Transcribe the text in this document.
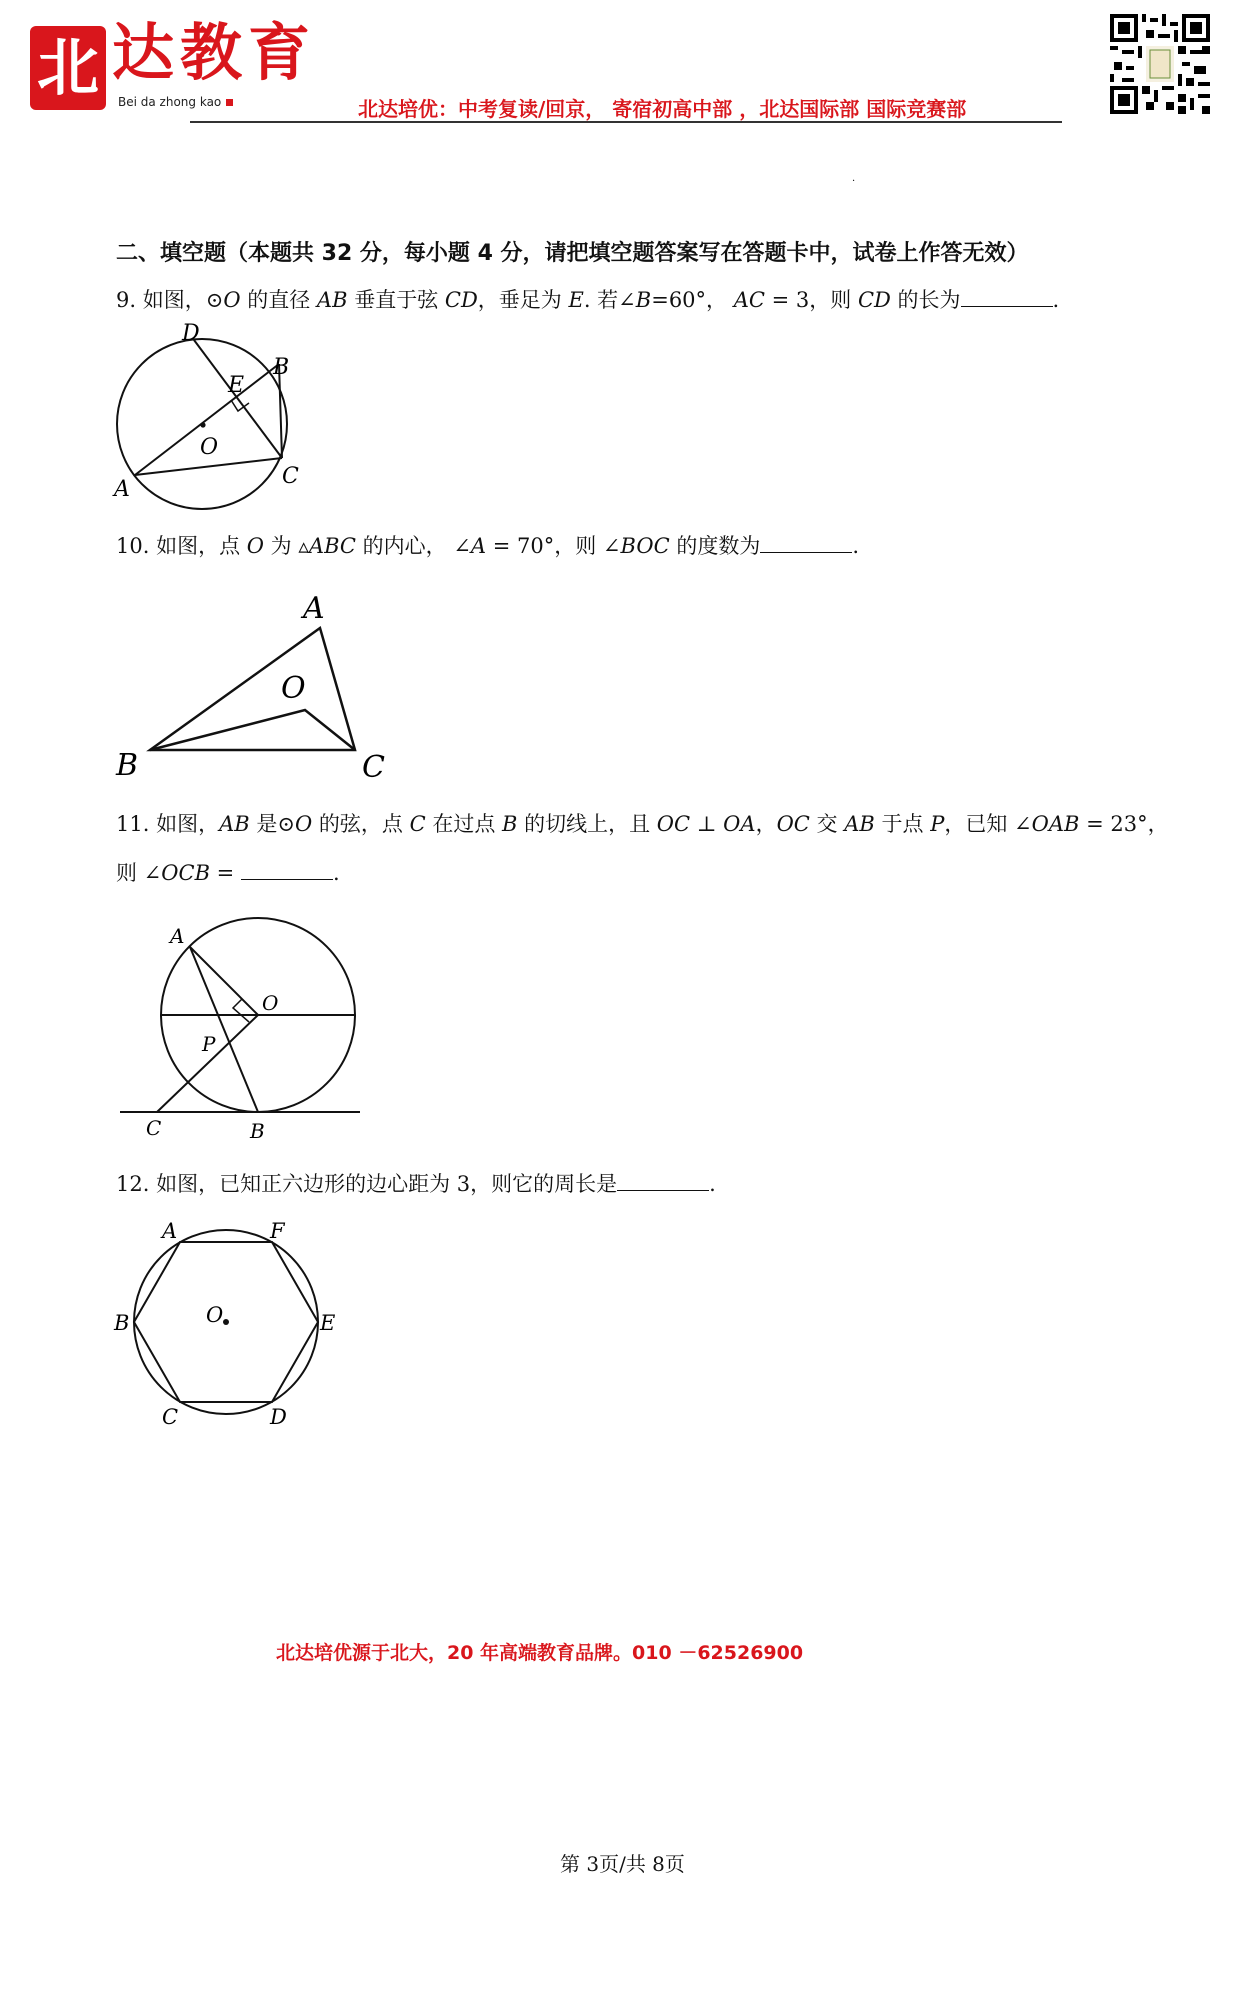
北 达教育
Bei da zhong kao	北达培优：中考复读/回京， 寄宿初高中部 ，北达国际部 国际竞赛部
·
二、填空题（本题共 32 分，每小题 4 分，请把填空题答案写在答题卡中，试卷上作答无效）
9. 如图，⊙O 的直径 AB 垂直于弦 CD，垂足为 E. 若∠B=60°， AC = 3，则 CD 的长为	.
D
B
E
O
A
C
10. 如图，点 O 为 ▵ABC 的内心， ∠A = 70°，则 ∠BOC 的度数为	.
A
O
B	C
11. 如图，AB 是⊙O 的弦，点 C 在过点 B 的切线上，且 OC ⊥ OA，OC 交 AB 于点 P，已知 ∠OAB = 23°，
则 ∠OCB =	.
A
O
P
C	B
12. 如图，已知正六边形的边心距为 3，则它的周长是	.
A	F
B	O	E
C	D
北达培优源于北大，20 年高端教育品牌。010 －62526900
第 3页/共 8页
